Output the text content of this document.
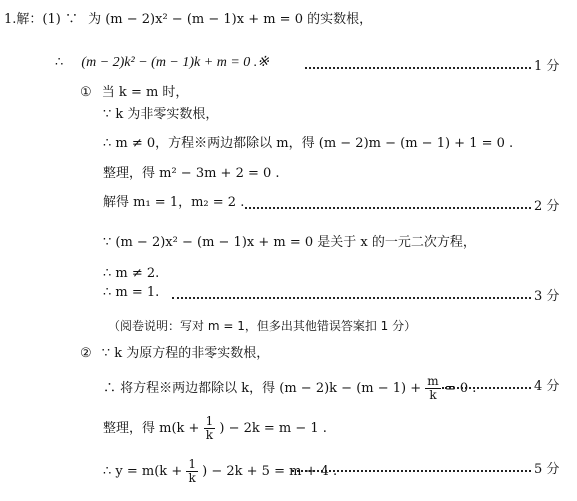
1.解：(1) ∵ 为 (m − 2)x² − (m − 1)x + m = 0 的实数根，
∴ (m − 2)k² − (m − 1)k + m = 0 .※	1 分
① 当 k = m 时，
∵ k 为非零实数根，
∴ m ≠ 0，方程※两边都除以 m，得 (m − 2)m − (m − 1) + 1 = 0 .
整理，得 m² − 3m + 2 = 0 .
解得 m₁ = 1，m₂ = 2 .	2 分
∵ (m − 2)x² − (m − 1)x + m = 0 是关于 x 的一元二次方程，
∴ m ≠ 2.
∴ m = 1.	3 分
（阅卷说明：写对 m = 1，但多出其他错误答案扣 1 分）
② ∵ k 为原方程的非零实数根，
∴ 将方程※两边都除以 k，得 $(m - 2)k - (m - 1) + \frac{m}{k} = 0$ .	4 分
整理，得 $m(k + \frac{1}{k}$ ) − 2k = m − 1 .
∴ $y = m(k + \frac{1}{k}$ ) − 2k + 5 = m + 4 .	5 分
